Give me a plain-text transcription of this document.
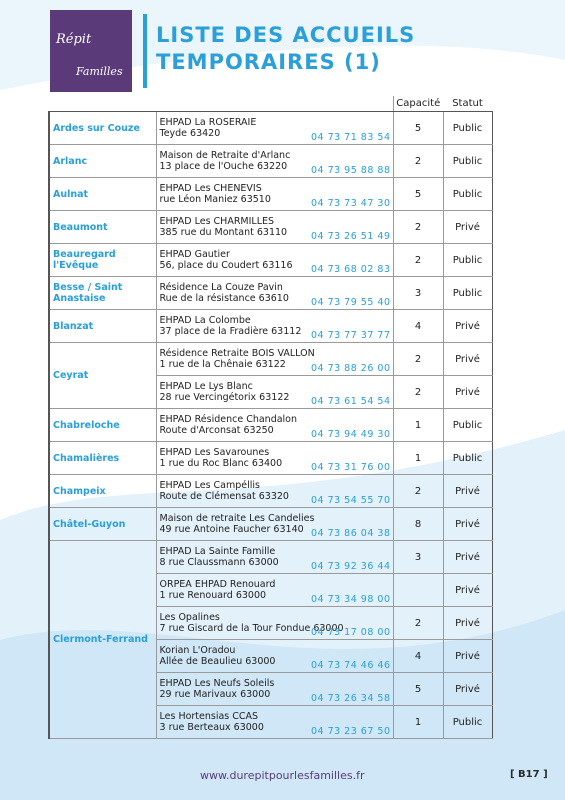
Répit
Familles
LISTE DES ACCUEILS
TEMPORAIRES (1)
		Capacité	Statut
Ardes sur Couze	EHPAD La ROSERAIE
Teyde 63420 04 73 71 83 54	5	Public
Arlanc	Maison de Retraite d'Arlanc
13 place de l'Ouche 63220 04 73 95 88 88	2	Public
Aulnat	EHPAD Les CHENEVIS
rue Léon Maniez 63510 04 73 73 47 30	5	Public
Beaumont	EHPAD Les CHARMILLES
385 rue du Montant 63110 04 73 26 51 49	2	Privé
Beauregard l'Evêque	EHPAD Gautier
56, place du Coudert 63116 04 73 68 02 83	2	Public
Besse / Saint Anastaise	Résidence La Couze Pavin
Rue de la résistance 63610 04 73 79 55 40	3	Public
Blanzat	EHPAD La Colombe
37 place de la Fradière 63112 04 73 77 37 77	4	Privé
Ceyrat	Résidence Retraite BOIS VALLON
1 rue de la Chênaie 63122 04 73 88 26 00	2	Privé

	EHPAD Le Lys Blanc
28 rue Vercingétorix 63122 04 73 61 54 54	2	Privé
Chabreloche	EHPAD Résidence Chandalon
Route d'Arconsat 63250 04 73 94 49 30	1	Public
Chamalières	EHPAD Les Savarounes
1 rue du Roc Blanc 63400 04 73 31 76 00	1	Public
Champeix	EHPAD Les Campéllis
Route de Clémensat 63320 04 73 54 55 70	2	Privé
Châtel-Guyon	Maison de retraite Les Candelies
49 rue Antoine Faucher 63140 04 73 86 04 38	8	Privé
Clermont-Ferrand	EHPAD La Sainte Famille
8 rue Claussmann 63000 04 73 92 36 44	3	Privé

	ORPEA EHPAD Renouard
1 rue Renouard 63000 04 73 34 98 00		Privé

	Les Opalines
7 rue Giscard de la Tour Fondue 63000
04 73 17 08 00	2	Privé

	Korian L'Oradou
Allée de Beaulieu 63000 04 73 74 46 46	4	Privé

	EHPAD Les Neufs Soleils
29 rue Marivaux 63000 04 73 26 34 58	5	Privé

	Les Hortensias CCAS
3 rue Berteaux 63000 04 73 23 67 50	1	Public
www.durepitpourlesfamilles.fr	[ B17 ]
